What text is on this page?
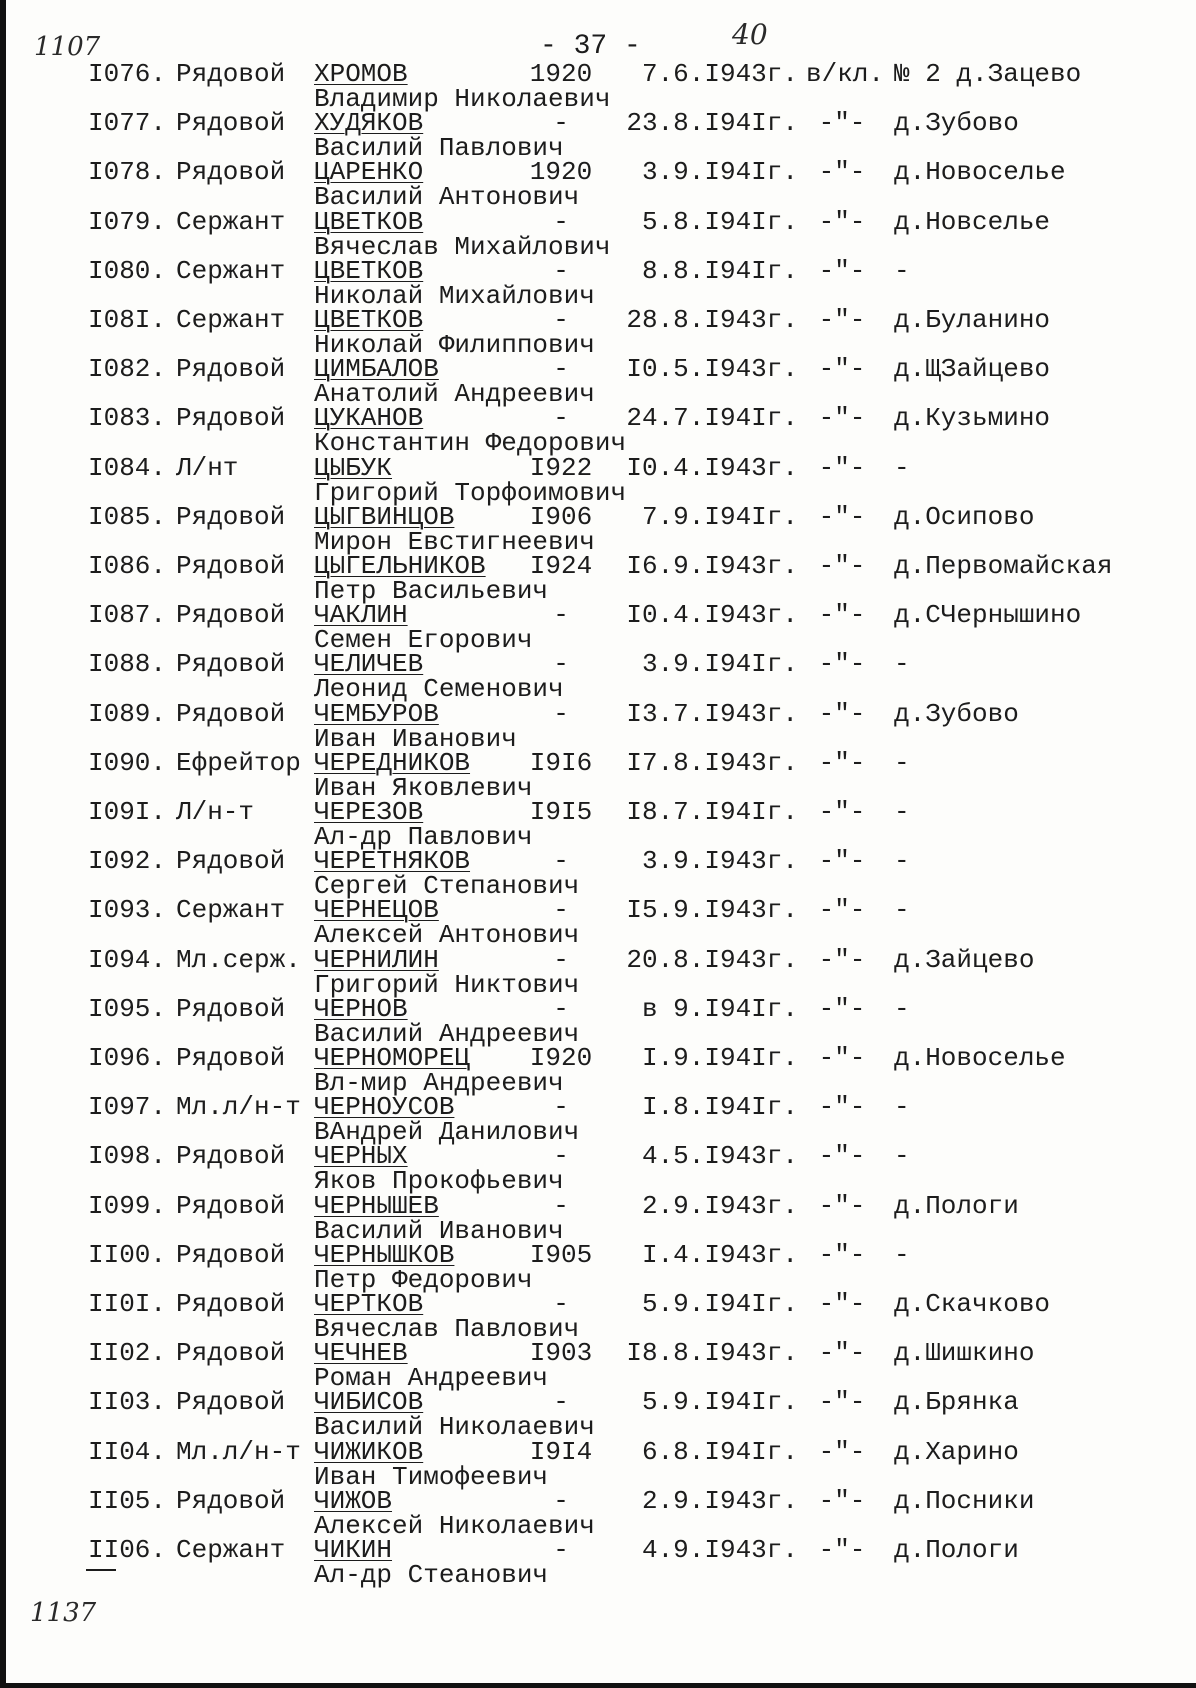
1107	40
- 37 -
I076. Рядовой ХРОМОВ	1920	7.6.I943г. в/кл. № 2 д.Зацево
Владимир Николаевич
I077. Рядовой ХУДЯКОВ	-	23.8.I94Iг. -"-	д.Зубово
Василий Павлович
I078. Рядовой ЦАРЕНКО	1920	3.9.I94Iг. -"-	д.Новоселье
Василий Антонович
I079. Сержант ЦВЕТКОВ	-	5.8.I94Iг. -"-	д.Новселье
Вячеслав Михайлович
I080. Сержант ЦВЕТКОВ	-	8.8.I94Iг. -"-	-
Николай Михайлович
I08I. Сержант ЦВЕТКОВ	-	28.8.I943г. -"-	д.Буланино
Николай Филиппович
I082. Рядовой ЦИМБАЛОВ	-	I0.5.I943г. -"-	д.ЩЗайцево
Анатолий Андреевич
I083. Рядовой ЦУКАНОВ	-	24.7.I94Iг. -"-	д.Кузьмино
Константин Федорович
I084. Л/нт	ЦЫБУК	I922	I0.4.I943г. -"-	-
Григорий Торфоимович
I085. Рядовой ЦЫГВИНЦОВ	I906	7.9.I94Iг. -"-	д.Осипово
Мирон Евстигнеевич
I086. Рядовой ЦЫГЕЛЬНИКОВ I924	I6.9.I943г. -"-	д.Первомайская
Петр Васильевич
I087. Рядовой ЧАКЛИН	-	I0.4.I943г. -"-	д.СЧернышино
Семен Егорович
I088. Рядовой ЧЕЛИЧЕВ	-	3.9.I94Iг. -"-	-
Леонид Семенович
I089. Рядовой ЧЕМБУРОВ	-	I3.7.I943г. -"-	д.Зубово
Иван Иванович
I090. Ефрейтор ЧЕРЕДНИКОВ I9I6	I7.8.I943г. -"-	-
Иван Яковлевич
I09I. Л/н-т ЧЕРЕЗОВ	I9I5	I8.7.I94Iг. -"-	-
Ал-др Павлович
I092. Рядовой ЧЕРЕТНЯКОВ	-	3.9.I943г. -"-	-
Сергей Степанович
I093. Сержант ЧЕРНЕЦОВ	-	I5.9.I943г. -"-	-
Алексей Антонович
I094. Мл.серж. ЧЕРНИЛИН	-	20.8.I943г. -"-	д.Зайцево
Григорий Никтович
I095. Рядовой ЧЕРНОВ	-	в 9.I94Iг. -"-	-
Василий Андреевич
I096. Рядовой ЧЕРНОМОРЕЦ I920	I.9.I94Iг. -"-	д.Новоселье
Вл-мир Андреевич
I097. Мл.л/н-т ЧЕРНОУСОВ	-	I.8.I94Iг. -"-	-
ВАндрей Данилович
I098. Рядовой ЧЕРНЫХ	-	4.5.I943г. -"-	-
Яков Прокофьевич
I099. Рядовой ЧЕРНЫШЕВ	-	2.9.I943г. -"-	д.Пологи
Василий Иванович
II00. Рядовой ЧЕРНЫШКОВ	I905	I.4.I943г. -"-	-
Петр Федорович
II0I. Рядовой ЧЕРТКОВ	-	5.9.I94Iг. -"-	д.Скачково
Вячеслав Павлович
II02. Рядовой ЧЕЧНЕВ	I903	I8.8.I943г. -"-	д.Шишкино
Роман Андреевич
II03. Рядовой ЧИБИСОВ	-	5.9.I94Iг. -"-	д.Брянка
Василий Николаевич
II04. Мл.л/н-т ЧИЖИКОВ	I9I4	6.8.I94Iг. -"-	д.Харино
Иван Тимофеевич
II05. Рядовой ЧИЖОВ	-	2.9.I943г. -"-	д.Посники
Алексей Николаевич
II06. Сержант ЧИКИН	-	4.9.I943г. -"-	д.Пологи
Ал-др Стеанович
1137
